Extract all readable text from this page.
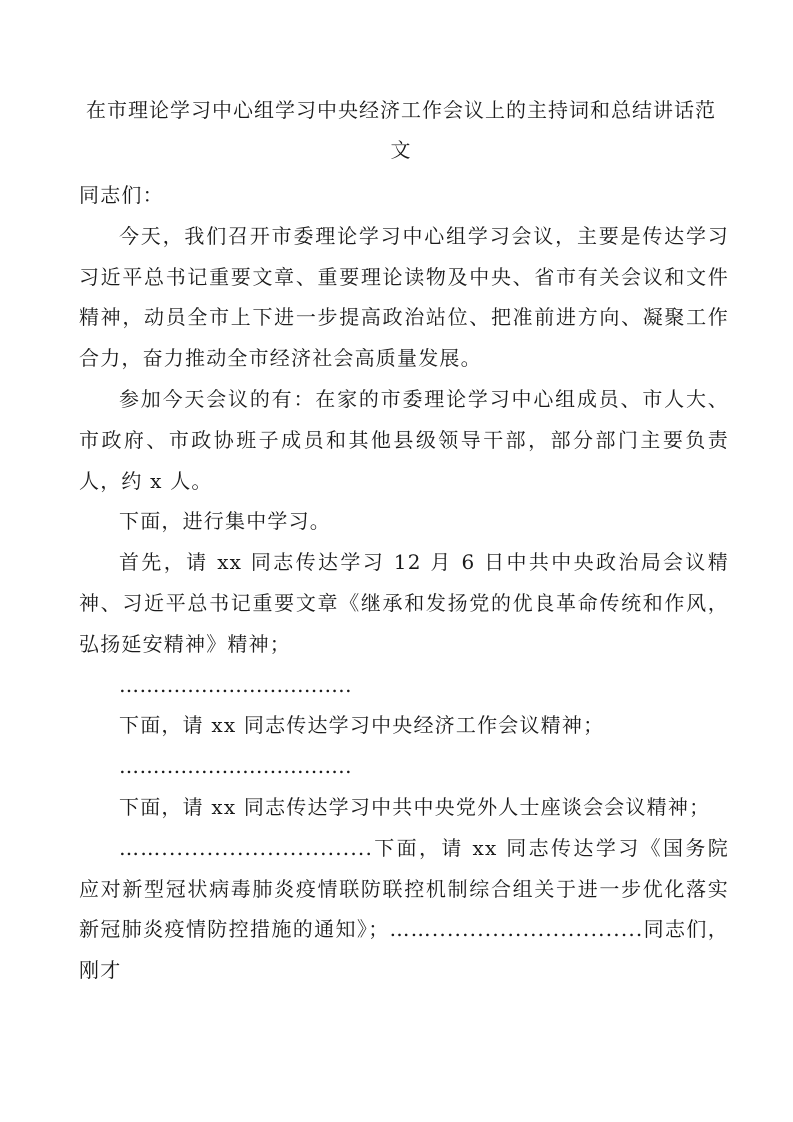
在市理论学习中心组学习中央经济工作会议上的主持词和总结讲话范文

同志们：

今天，我们召开市委理论学习中心组学习会议，主要是传达学习习近平总书记重要文章、重要理论读物及中央、省市有关会议和文件精神，动员全市上下进一步提高政治站位、把准前进方向、凝聚工作合力，奋力推动全市经济社会高质量发展。

参加今天会议的有：在家的市委理论学习中心组成员、市人大、市政府、市政协班子成员和其他县级领导干部，部分部门主要负责人，约 x 人。

下面，进行集中学习。

首先，请 xx 同志传达学习 12 月 6 日中共中央政治局会议精神、习近平总书记重要文章《继承和发扬党的优良革命传统和作风，弘扬延安精神》精神；

……............................

下面，请 xx 同志传达学习中央经济工作会议精神；

……............................

下面，请 xx 同志传达学习中共中央党外人士座谈会会议精神；

……............................下面，请 xx 同志传达学习《国务院应对新型冠状病毒肺炎疫情联防联控机制综合组关于进一步优化落实新冠肺炎疫情防控措施的通知》；……............................同志们，刚才
